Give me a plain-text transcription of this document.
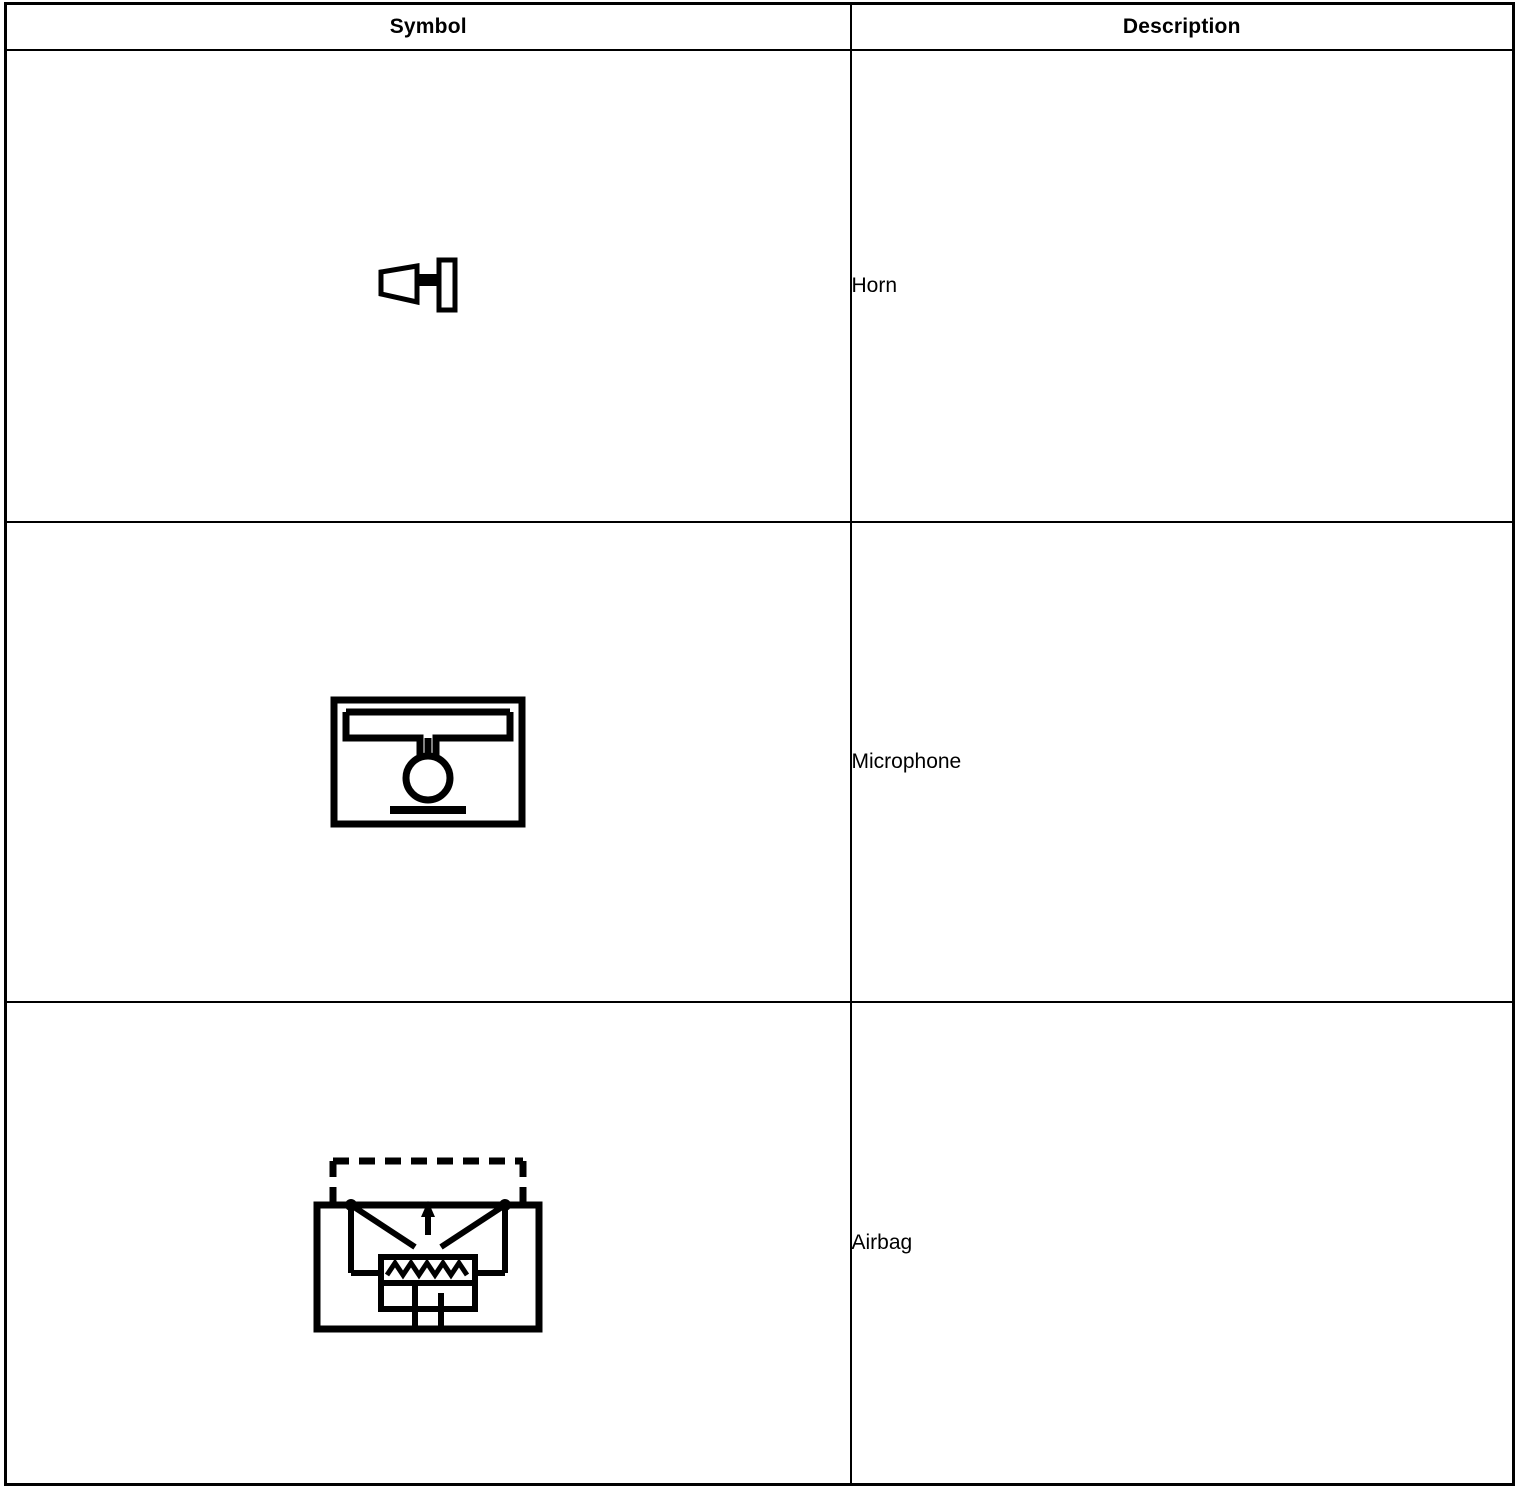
Symbol	Description

	Horn

	Microphone

	Airbag
